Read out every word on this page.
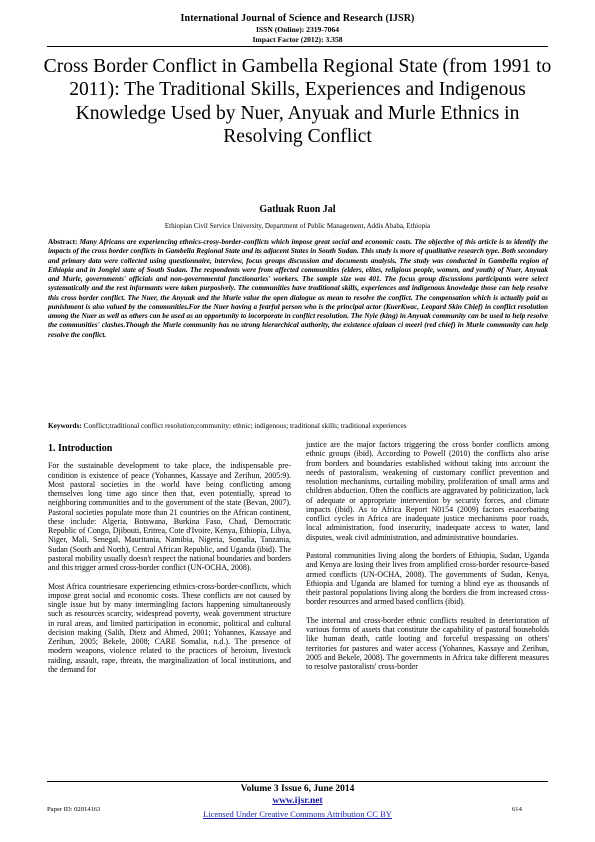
International Journal of Science and Research (IJSR)
ISSN (Online): 2319-7064
Impact Factor (2012): 3.358
Cross Border Conflict in Gambella Regional State (from 1991 to 2011): The Traditional Skills, Experiences and Indigenous Knowledge Used by Nuer, Anyuak and Murle Ethnics in Resolving Conflict
Gatluak Ruon Jal
Ethiopian Civil Service University, Department of Public Management, Addis Ababa, Ethiopia
Abstract: Many Africans are experiencing ethnics-crosy-border-conflicts which impose great social and economic costs. The objective of this article is to identify the impacts of the cross border conflicts in Gambella Regional State and its adjacent States in South Sudan. This study is more of qualitative research type. Both secondary and primary data were collected using questionnaire, interview, focus groups discussion and documents analysis. The study was conducted in Gambella region of Ethiopia and in Jonglei state of South Sudan. The respondents were from affected communities (elders, elites, religious people, women, and youth) of Nuer, Anyuak and Murle, governments' officials and non-governmental functionaries' workers. The sample size was 401. The focus group discussions participants were select systematically and the rest informants were taken purposively. The communities have traditional skills, experiences and indigenous knowledge those can help resolve this cross border conflict. The Nuer, the Anyuak and the Murle value the open dialogue as mean to resolve the conflict. The compensation which is actually paid as punishment is also valued by the communities.For the Nuer having a fearful person who is the principal actor (KuerKwac, Leopard Skin Chief) in conflict resolution among the Nuer as well as others can be used as an opportunity to incorporate in conflict resolution. The Nyie (king) in Anyuak community can be used to help resolve the communities' clashes.Though the Murle community has no strong hierarchical authority, the existence ofalaan ci meeri (red chief) in Murle community can help resolve the conflict.
Keywords: Conflict;traditional conflict resolution;community; ethnic; indigenous; traditional skills; traditional experiences
1. Introduction

For the sustainable development to take place, the indispensable pre-condition is existence of peace (Yohannes, Kassaye and Zerihun, 2005:9). Most pastoral societies in the world have being conflicting among themselves long time ago since then that, even potentially, spread to neighboring communities and to the government of the state (Bevan, 2007). Pastoral societies populate more than 21 countries on the African continent, these include: Algeria, Botswana, Burkina Faso, Chad, Democratic Republic of Congo, Djibouti, Eritrea, Cote d'Ivoire, Kenya, Ethiopia, Libya, Niger, Mali, Senegal, Mauritania, Namibia, Nigeria, Somalia, Tanzania, Sudan (South and North), Central African Republic, and Uganda (ibid). The pastoral mobility usually doesn't respect the national boundaries and borders and this trigger armed cross-border conflict (UN-OCHA, 2008).

Most Africa countriesare experiencing ethnics-cross-border-conflicts, which impose great social and economic costs. These conflicts are not caused by single issue but by many intermingling factors happening simultaneously such as resources scarcity, widespread poverty, weak government structure in rural areas, and limited participation in economic, political and cultural decision making (Salih, Dietz and Ahmed, 2001; Yohannes, Kassaye and Zerihun, 2005; Bekele, 2008; CARE Somalia, n.d.). The presence of modern weapons, violence related to the practices of heroism, livestock raiding, assault, rape, threats, the marginalization of local institutions, and the demand for

justice are the major factors triggering the cross border conflicts among ethnic groups (ibid). According to Powell (2010) the conflicts also arise from borders and boundaries established without taking into account the needs of pastoralism, weakening of customary conflict prevention and resolution mechanisms, curtailing mobility, proliferation of small arms and children abduction. Often the conflicts are aggravated by politicization, lack of adequate or appropriate intervention by security forces, and climate impacts (ibid). As to Africa Report N0154 (2009) factors exacerbating conflict cycles in Africa are inadequate justice mechanisms poor roads, local administration, food insecurity, inadequate access to water, land disputes, weak civil administration, and administrative boundaries.

Pastoral communities living along the borders of Ethiopia, Sudan, Uganda and Kenya are losing their lives from amplified cross-border resource-based armed conflicts (UN-OCHA, 2008). The governments of Sudan, Kenya, Ethiopia and Uganda are blamed for turning a blind eye as thousands of their pastoral populations living along the borders die from increased cross-border resources and armed based conflicts (ibid).

The internal and cross-border ethnic conflicts resulted in deterioration of various forms of assets that constitute the capability of pastoral households like human death, cattle looting and forceful trespassing on others' territories for pastures and water access (Yohannes, Kassaye and Zerihun, 2005 and Bekele, 2008). The governments in Africa take different measures to resolve pastoralists' cross-border

Volume 3 Issue 6, June 2014
www.ijsr.net
Licensed Under Creative Commons Attribution CC BY
Paper ID: 02014163	614
